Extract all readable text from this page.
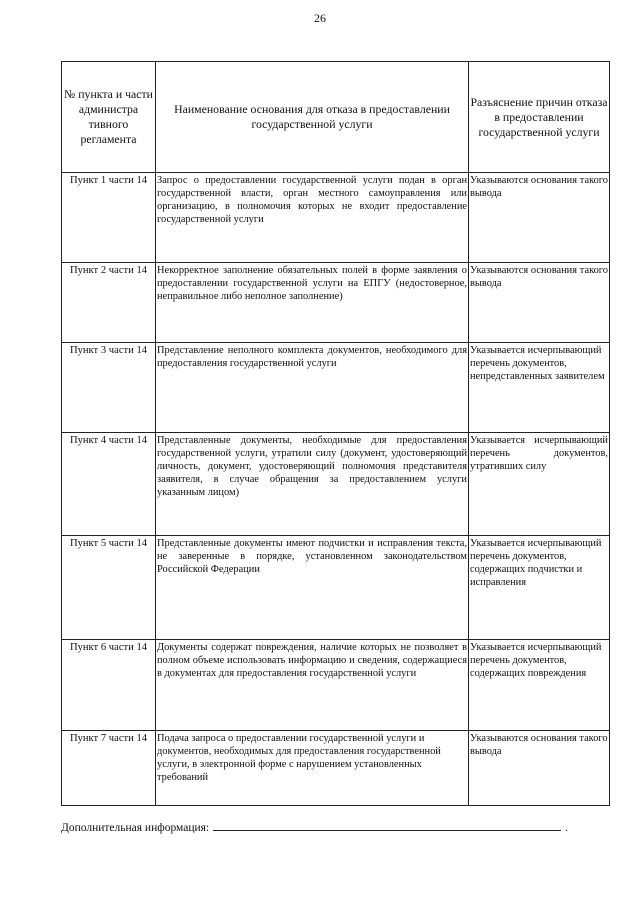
26
№ пункта и части администра тивного регламента	Наименование основания для отказа в предоставлении государственной услуги	Разъяснение причин отказа в предоставлении государственной услуги
Пункт 1 части 14	Запрос о предоставлении государственной услуги подан в орган государственной власти, орган местного самоуправления или организацию, в полномочия которых не входит предоставление государственной услуги	Указываются основания такого вывода
Пункт 2 части 14	Некорректное заполнение обязательных полей в форме заявления о предоставлении государственной услуги на ЕПГУ (недостоверное, неправильное либо неполное заполнение)	Указываются основания такого вывода
Пункт 3 части 14	Представление неполного комплекта документов, необходимого для предоставления государственной услуги	Указывается исчерпывающий перечень документов, непредставленных заявителем
Пункт 4 части 14	Представленные документы, необходимые для предоставления государственной услуги, утратили силу (документ, удостоверяющий личность, документ, удостоверяющий полномочия представителя заявителя, в случае обращения за предоставлением услуги указанным лицом)	Указывается исчерпывающий перечень документов, утративших силу
Пункт 5 части 14	Представленные документы имеют подчистки и исправления текста, не заверенные в порядке, установленном законодательством Российской Федерации	Указывается исчерпывающий перечень документов, содержащих подчистки и исправления
Пункт 6 части 14	Документы содержат повреждения, наличие которых не позволяет в полном объеме использовать информацию и сведения, содержащиеся в документах для предоставления государственной услуги	Указывается исчерпывающий перечень документов, содержащих повреждения
Пункт 7 части 14	Подача запроса о предоставлении государственной услуги и документов, необходимых для предоставления государственной услуги, в электронной форме с нарушением установленных требований	Указываются основания такого вывода
Дополнительная информация:	.
